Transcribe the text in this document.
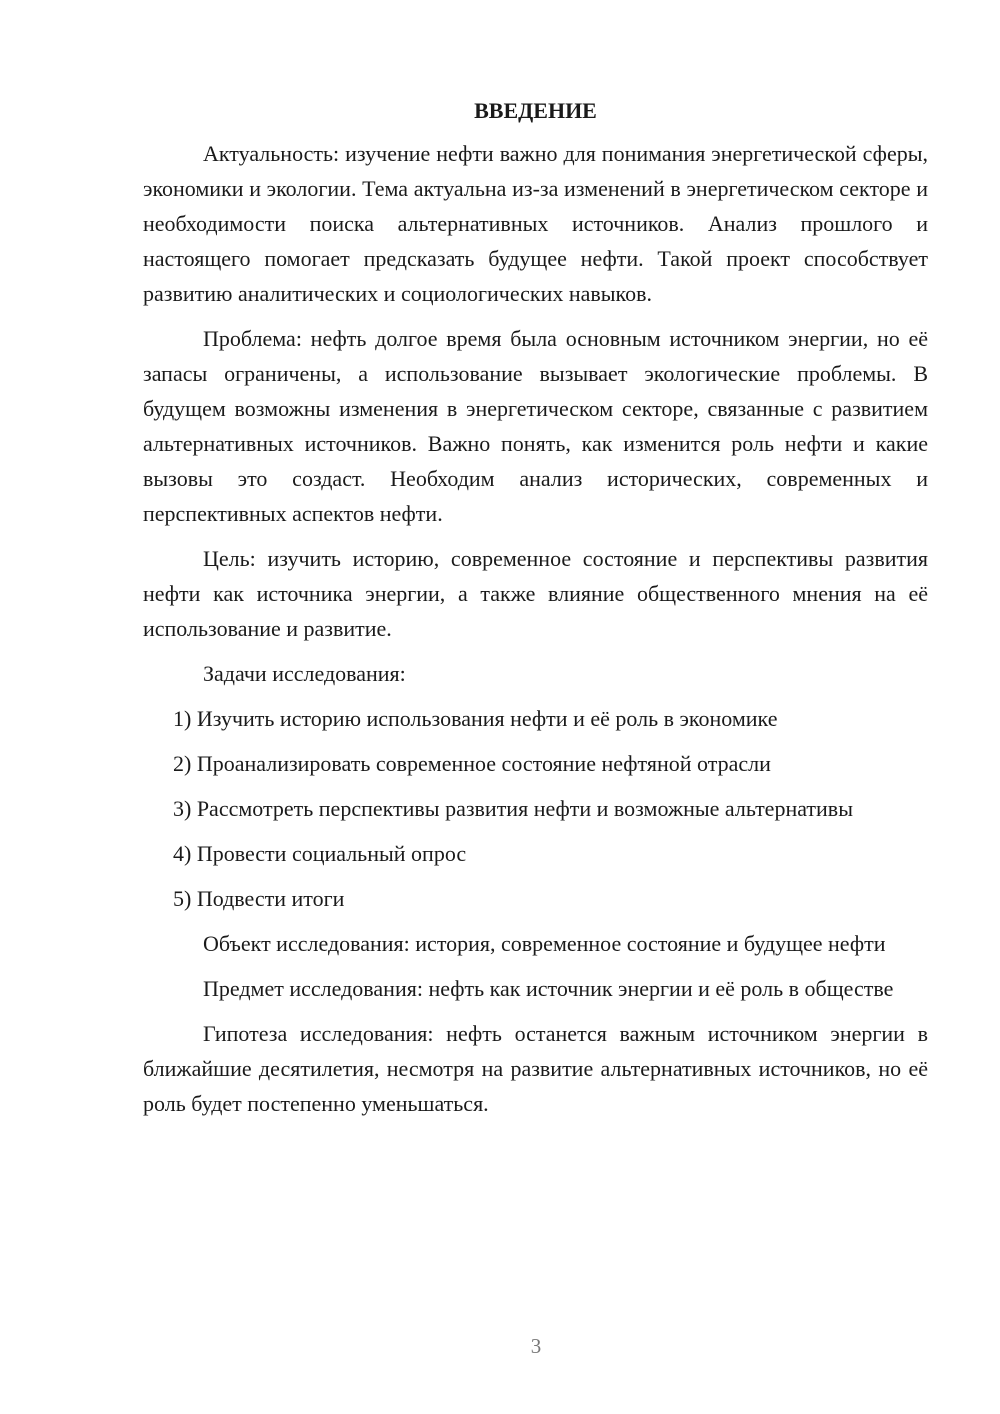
ВВЕДЕНИЕ

Актуальность: изучение нефти важно для понимания энергетической сферы, экономики и экологии. Тема актуальна из-за изменений в энергетическом секторе и необходимости поиска альтернативных источников. Анализ прошлого и настоящего помогает предсказать будущее нефти. Такой проект способствует развитию аналитических и социологических навыков.

Проблема: нефть долгое время была основным источником энергии, но её запасы ограничены, а использование вызывает экологические проблемы. В будущем возможны изменения в энергетическом секторе, связанные с развитием альтернативных источников. Важно понять, как изменится роль нефти и какие вызовы это создаст. Необходим анализ исторических, современных и перспективных аспектов нефти.

Цель: изучить историю, современное состояние и перспективы развития нефти как источника энергии, а также влияние общественного мнения на её использование и развитие.

Задачи исследования:

1) Изучить историю использования нефти и её роль в экономике

2) Проанализировать современное состояние нефтяной отрасли

3) Рассмотреть перспективы развития нефти и возможные альтернативы

4) Провести социальный опрос

5) Подвести итоги

Объект исследования: история, современное состояние и будущее нефти

Предмет исследования: нефть как источник энергии и её роль в обществе

Гипотеза исследования: нефть останется важным источником энергии в ближайшие десятилетия, несмотря на развитие альтернативных источников, но её роль будет постепенно уменьшаться.

3
